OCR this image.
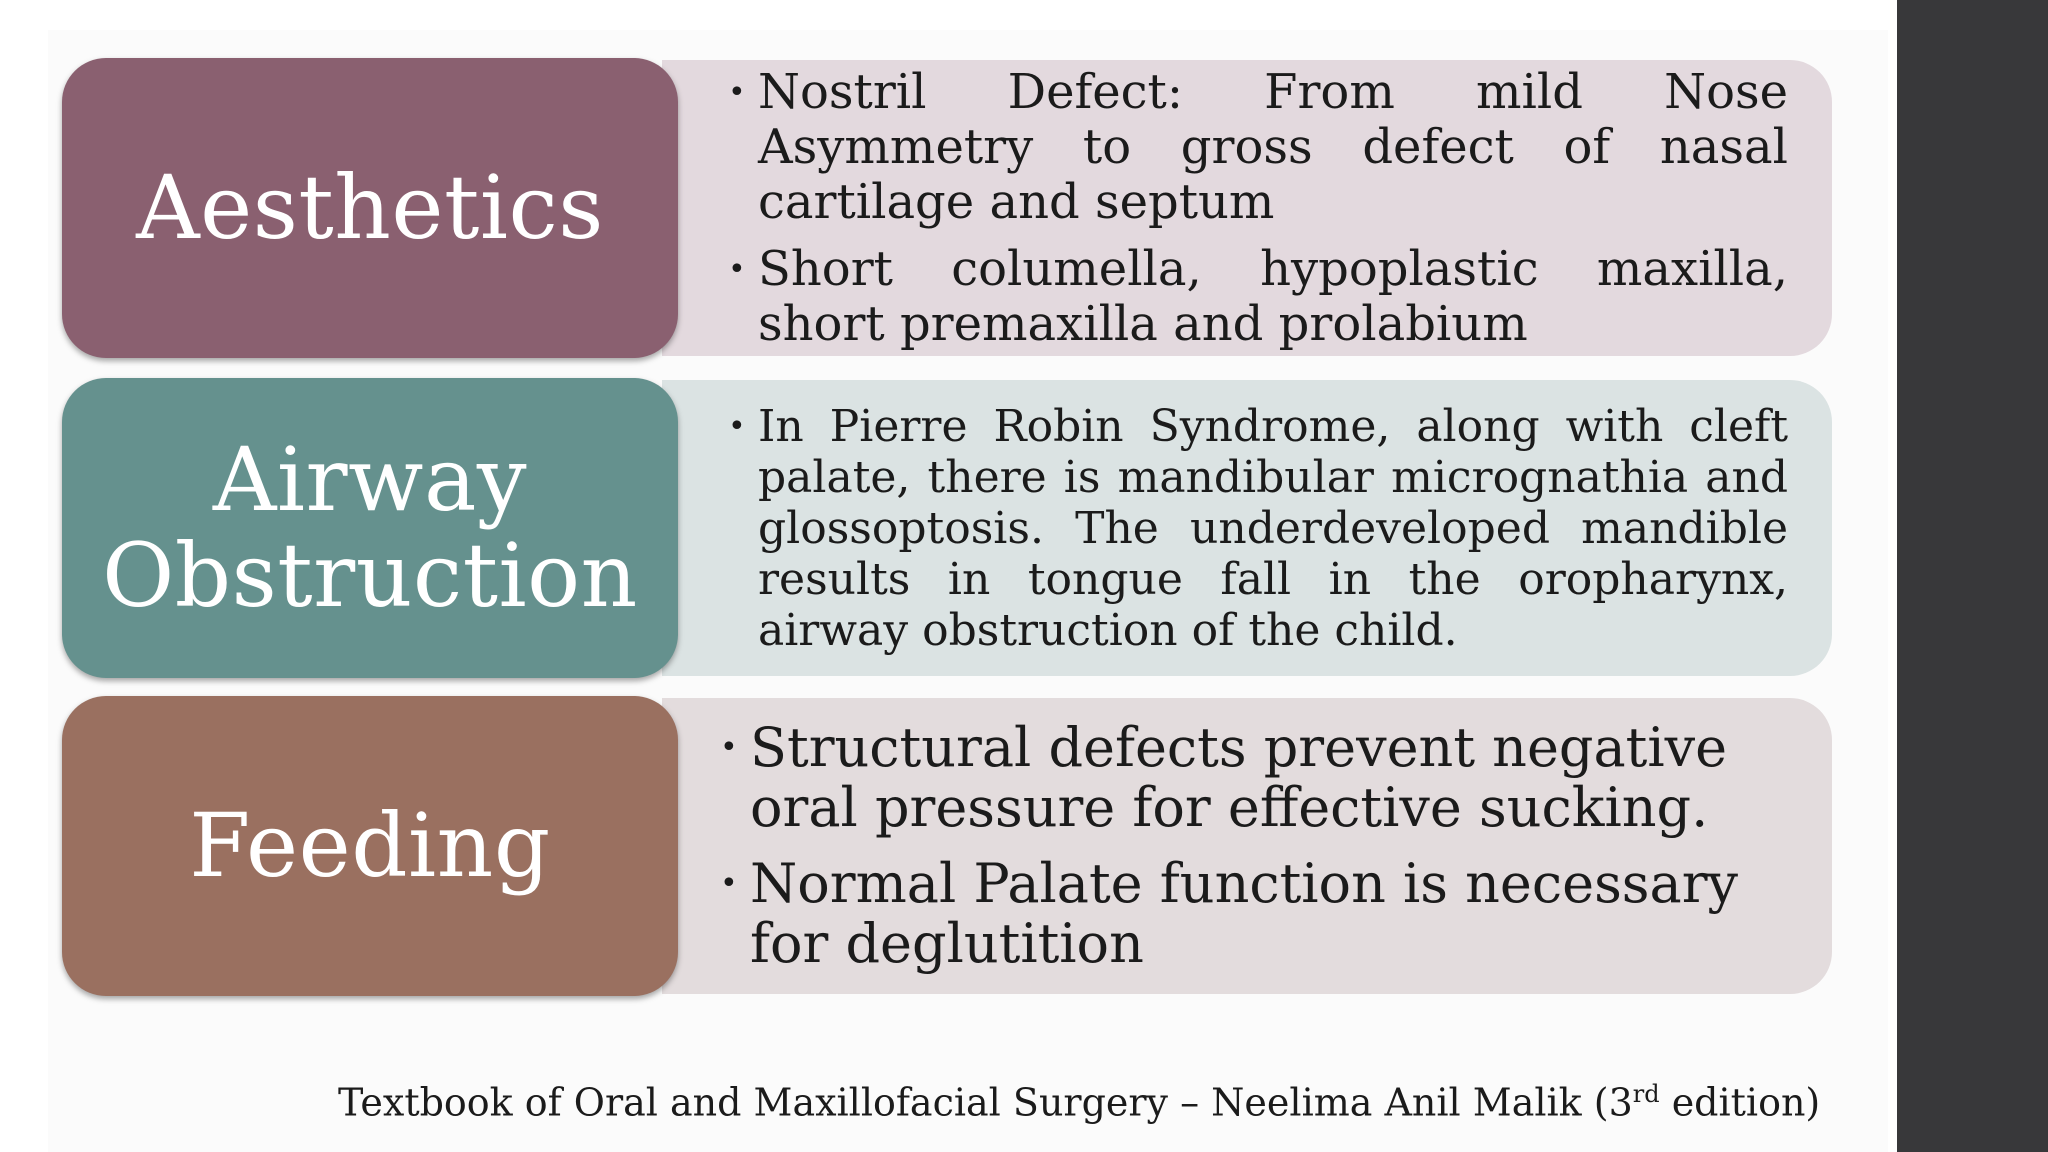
Aesthetics
• Nostril Defect: From mild Nose Asymmetry to gross defect of nasal cartilage and septum
• Short columella, hypoplastic maxilla, short premaxilla and prolabium
Airway
Obstruction
• In Pierre Robin Syndrome, along with cleft palate, there is mandibular micrognathia and glossoptosis. The underdeveloped mandible results in tongue fall in the oropharynx, airway obstruction of the child.
Feeding
• Structural defects prevent negative oral pressure for effective sucking.
• Normal Palate function is necessary for deglutition
Textbook of Oral and Maxillofacial Surgery – Neelima Anil Malik (3rd edition)
